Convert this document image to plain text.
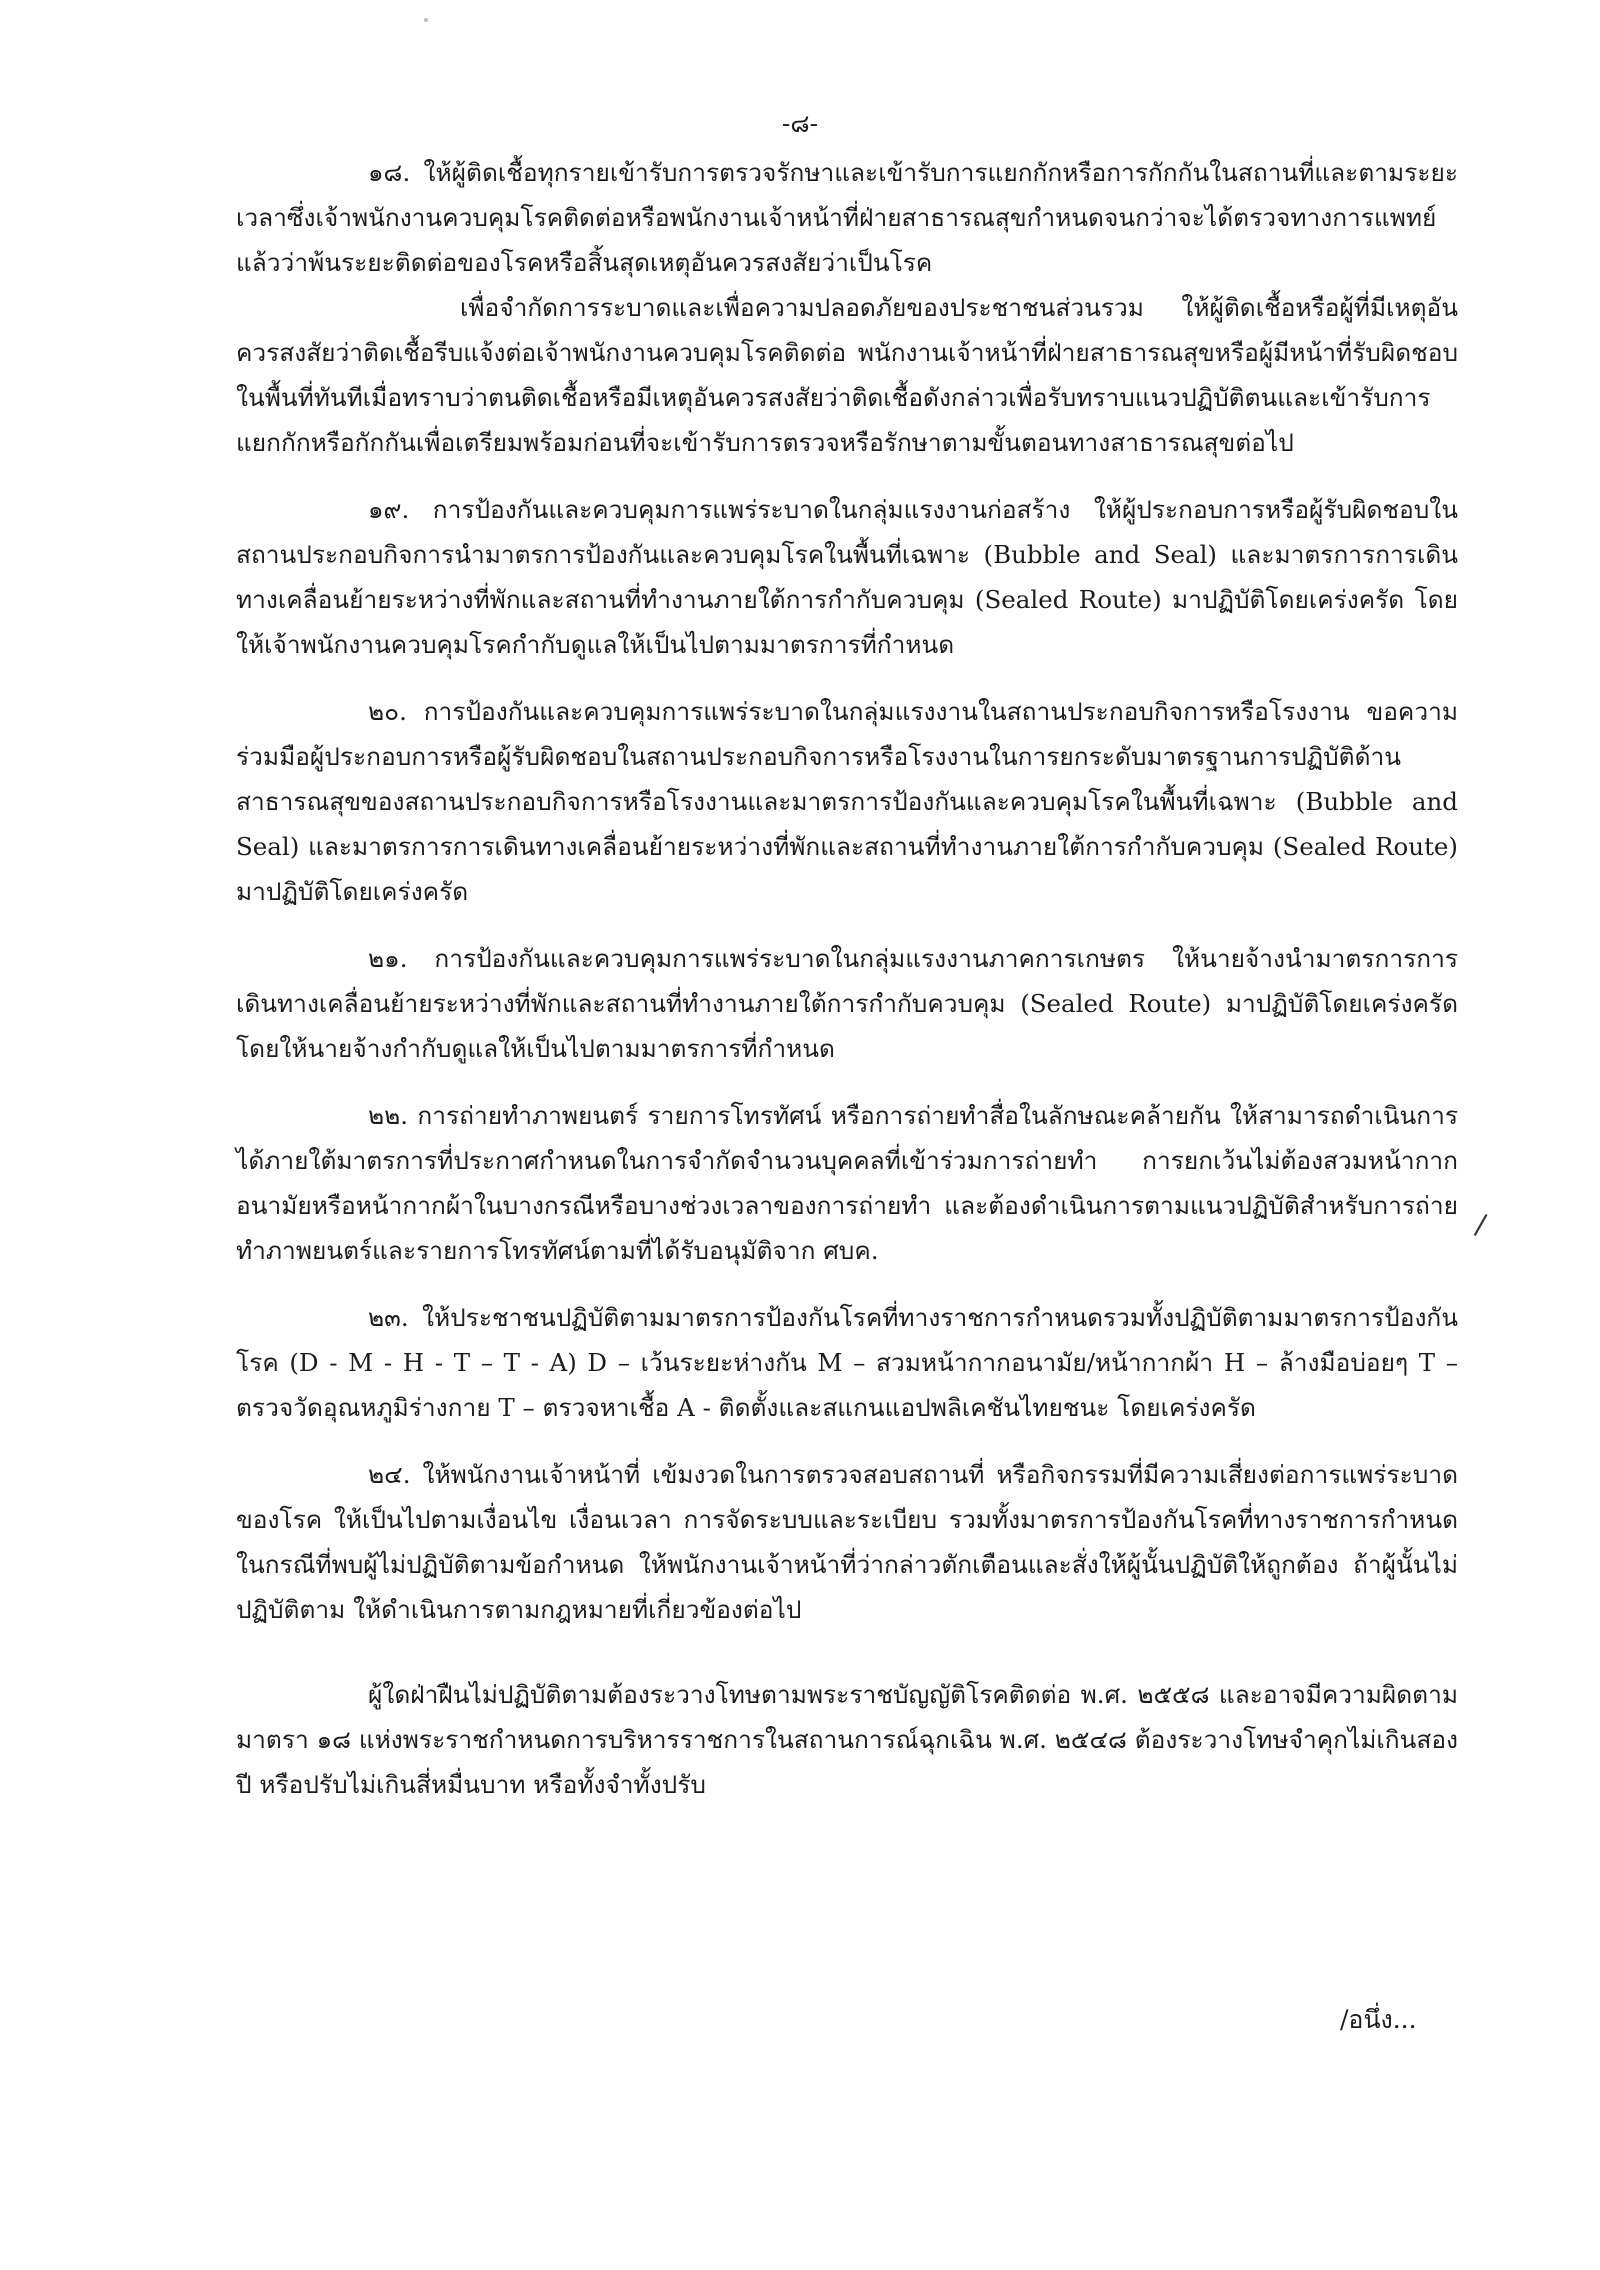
-๘-

๑๘. ให้ผู้ติดเชื้อทุกรายเข้ารับการตรวจรักษาและเข้ารับการแยกกักหรือการกักกันในสถานที่และตามระยะเวลาซึ่งเจ้าพนักงานควบคุมโรคติดต่อหรือพนักงานเจ้าหน้าที่ฝ่ายสาธารณสุขกำหนดจนกว่าจะได้ตรวจทางการแพทย์แล้วว่าพ้นระยะติดต่อของโรคหรือสิ้นสุดเหตุอันควรสงสัยว่าเป็นโรค

เพื่อจำกัดการระบาดและเพื่อความปลอดภัยของประชาชนส่วนรวม ให้ผู้ติดเชื้อหรือผู้ที่มีเหตุอันควรสงสัยว่าติดเชื้อรีบแจ้งต่อเจ้าพนักงานควบคุมโรคติดต่อ พนักงานเจ้าหน้าที่ฝ่ายสาธารณสุขหรือผู้มีหน้าที่รับผิดชอบในพื้นที่ทันทีเมื่อทราบว่าตนติดเชื้อหรือมีเหตุอันควรสงสัยว่าติดเชื้อดังกล่าวเพื่อรับทราบแนวปฏิบัติตนและเข้ารับการแยกกักหรือกักกันเพื่อเตรียมพร้อมก่อนที่จะเข้ารับการตรวจหรือรักษาตามขั้นตอนทางสาธารณสุขต่อไป

๑๙. การป้องกันและควบคุมการแพร่ระบาดในกลุ่มแรงงานก่อสร้าง ให้ผู้ประกอบการหรือผู้รับผิดชอบในสถานประกอบกิจการนำมาตรการป้องกันและควบคุมโรคในพื้นที่เฉพาะ (Bubble and Seal) และมาตรการการเดินทางเคลื่อนย้ายระหว่างที่พักและสถานที่ทำงานภายใต้การกำกับควบคุม (Sealed Route) มาปฏิบัติโดยเคร่งครัด โดยให้เจ้าพนักงานควบคุมโรคกำกับดูแลให้เป็นไปตามมาตรการที่กำหนด

๒๐. การป้องกันและควบคุมการแพร่ระบาดในกลุ่มแรงงานในสถานประกอบกิจการหรือโรงงาน ขอความร่วมมือผู้ประกอบการหรือผู้รับผิดชอบในสถานประกอบกิจการหรือโรงงานในการยกระดับมาตรฐานการปฏิบัติด้านสาธารณสุขของสถานประกอบกิจการหรือโรงงานและมาตรการป้องกันและควบคุมโรคในพื้นที่เฉพาะ (Bubble and Seal) และมาตรการการเดินทางเคลื่อนย้ายระหว่างที่พักและสถานที่ทำงานภายใต้การกำกับควบคุม (Sealed Route) มาปฏิบัติโดยเคร่งครัด

๒๑. การป้องกันและควบคุมการแพร่ระบาดในกลุ่มแรงงานภาคการเกษตร ให้นายจ้างนำมาตรการการเดินทางเคลื่อนย้ายระหว่างที่พักและสถานที่ทำงานภายใต้การกำกับควบคุม (Sealed Route) มาปฏิบัติโดยเคร่งครัด โดยให้นายจ้างกำกับดูแลให้เป็นไปตามมาตรการที่กำหนด

๒๒. การถ่ายทำภาพยนตร์ รายการโทรทัศน์ หรือการถ่ายทำสื่อในลักษณะคล้ายกัน ให้สามารถดำเนินการได้ภายใต้มาตรการที่ประกาศกำหนดในการจำกัดจำนวนบุคคลที่เข้าร่วมการถ่ายทำ การยกเว้นไม่ต้องสวมหน้ากากอนามัยหรือหน้ากากผ้าในบางกรณีหรือบางช่วงเวลาของการถ่ายทำ และต้องดำเนินการตามแนวปฏิบัติสำหรับการถ่ายทำภาพยนตร์และรายการโทรทัศน์ตามที่ได้รับอนุมัติจาก ศบค.

๒๓. ให้ประชาชนปฏิบัติตามมาตรการป้องกันโรคที่ทางราชการกำหนดรวมทั้งปฏิบัติตามมาตรการป้องกันโรค (D - M - H - T – T - A) D – เว้นระยะห่างกัน M – สวมหน้ากากอนามัย/หน้ากากผ้า H – ล้างมือบ่อยๆ T – ตรวจวัดอุณหภูมิร่างกาย T – ตรวจหาเชื้อ A - ติดตั้งและสแกนแอปพลิเคชันไทยชนะ โดยเคร่งครัด

๒๔. ให้พนักงานเจ้าหน้าที่ เข้มงวดในการตรวจสอบสถานที่ หรือกิจกรรมที่มีความเสี่ยงต่อการแพร่ระบาดของโรค ให้เป็นไปตามเงื่อนไข เงื่อนเวลา การจัดระบบและระเบียบ รวมทั้งมาตรการป้องกันโรคที่ทางราชการกำหนด ในกรณีที่พบผู้ไม่ปฏิบัติตามข้อกำหนด ให้พนักงานเจ้าหน้าที่ว่ากล่าวตักเตือนและสั่งให้ผู้นั้นปฏิบัติให้ถูกต้อง ถ้าผู้นั้นไม่ปฏิบัติตาม ให้ดำเนินการตามกฎหมายที่เกี่ยวข้องต่อไป

ผู้ใดฝ่าฝืนไม่ปฏิบัติตามต้องระวางโทษตามพระราชบัญญัติโรคติดต่อ พ.ศ. ๒๕๕๘ และอาจมีความผิดตามมาตรา ๑๘ แห่งพระราชกำหนดการบริหารราชการในสถานการณ์ฉุกเฉิน พ.ศ. ๒๕๔๘ ต้องระวางโทษจำคุกไม่เกินสองปี หรือปรับไม่เกินสี่หมื่นบาท หรือทั้งจำทั้งปรับ

/
/อนึ่ง...
